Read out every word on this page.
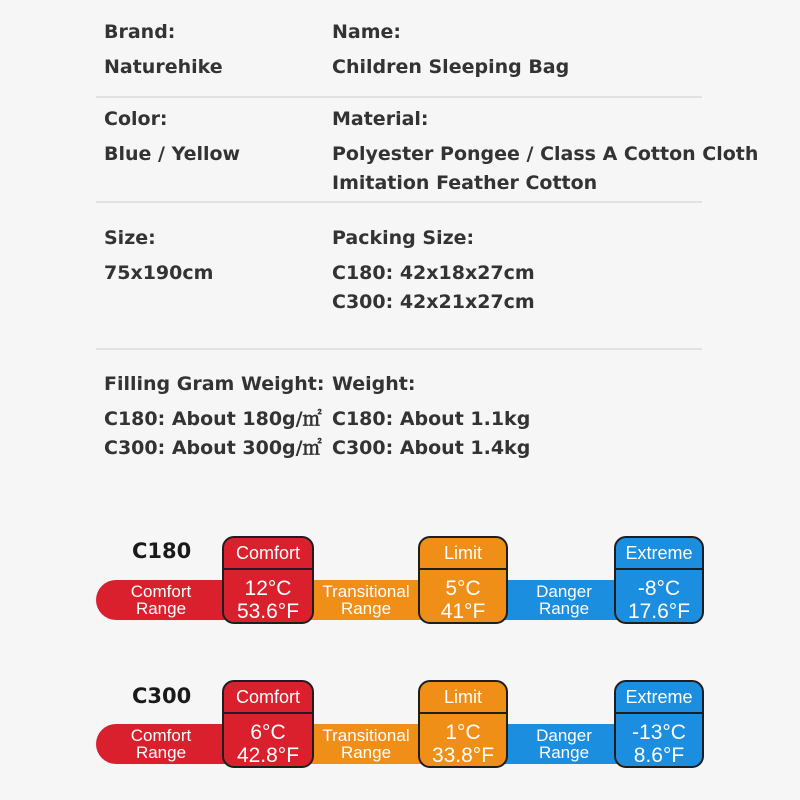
Brand:
Naturehike
Name:
Children Sleeping Bag
Color:
Blue / Yellow
Material:
Polyester Pongee / Class A Cotton Cloth
Imitation Feather Cotton
Size:
75x190cm
Packing Size:
C180: 42x18x27cm
C300: 42x21x27cm
Filling Gram Weight:
C180: About 180g/㎡
C300: About 300g/㎡
Weight:
C180: About 1.1kg
C300: About 1.4kg
C180
Comfort
Range
Transitional
Range
Danger
Range
Comfort
12°C
53.6°F
Limit
5°C
41°F
Extreme
-8°C
17.6°F
C300
Comfort
Range
Transitional
Range
Danger
Range
Comfort
6°C
42.8°F
Limit
1°C
33.8°F
Extreme
-13°C
8.6°F
